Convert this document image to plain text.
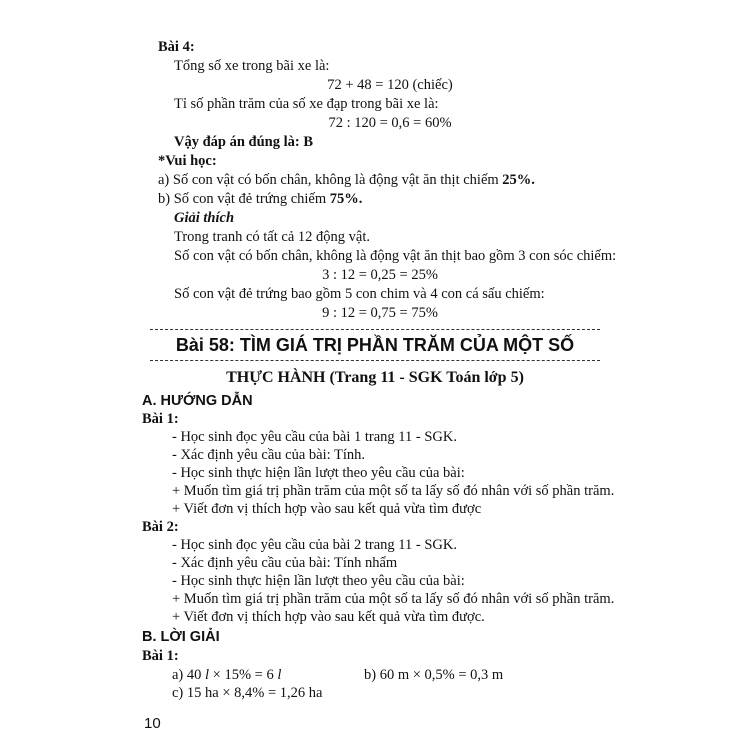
Bài 4:
Tổng số xe trong bãi xe là:
72 + 48 = 120 (chiếc)
Tỉ số phần trăm của số xe đạp trong bãi xe là:
72 : 120 = 0,6 = 60%
Vậy đáp án đúng là: B
*Vui học:
a) Số con vật có bốn chân, không là động vật ăn thịt chiếm 25%.
b) Số con vật đẻ trứng chiếm 75%.
Giải thích
Trong tranh có tất cả 12 động vật.
Số con vật có bốn chân, không là động vật ăn thịt bao gồm 3 con sóc chiếm:
3 : 12 = 0,25 = 25%
Số con vật đẻ trứng bao gồm 5 con chim và 4 con cá sấu chiếm:
9 : 12 = 0,75 = 75%
Bài 58: TÌM GIÁ TRỊ PHẦN TRĂM CỦA MỘT SỐ
THỰC HÀNH (Trang 11 - SGK Toán lớp 5)
A. HƯỚNG DẪN
Bài 1:
- Học sinh đọc yêu cầu của bài 1 trang 11 - SGK.
- Xác định yêu cầu của bài: Tính.
- Học sinh thực hiện lần lượt theo yêu cầu của bài:
+ Muốn tìm giá trị phần trăm của một số ta lấy số đó nhân với số phần trăm.
+ Viết đơn vị thích hợp vào sau kết quả vừa tìm được
Bài 2:
- Học sinh đọc yêu cầu của bài 2 trang 11 - SGK.
- Xác định yêu cầu của bài: Tính nhẩm
- Học sinh thực hiện lần lượt theo yêu cầu của bài:
+ Muốn tìm giá trị phần trăm của một số ta lấy số đó nhân với số phần trăm.
+ Viết đơn vị thích hợp vào sau kết quả vừa tìm được.
B. LỜI GIẢI
Bài 1:
a) 40 l × 15% = 6 l	b) 60 m × 0,5% = 0,3 m
c) 15 ha × 8,4% = 1,26 ha
10
